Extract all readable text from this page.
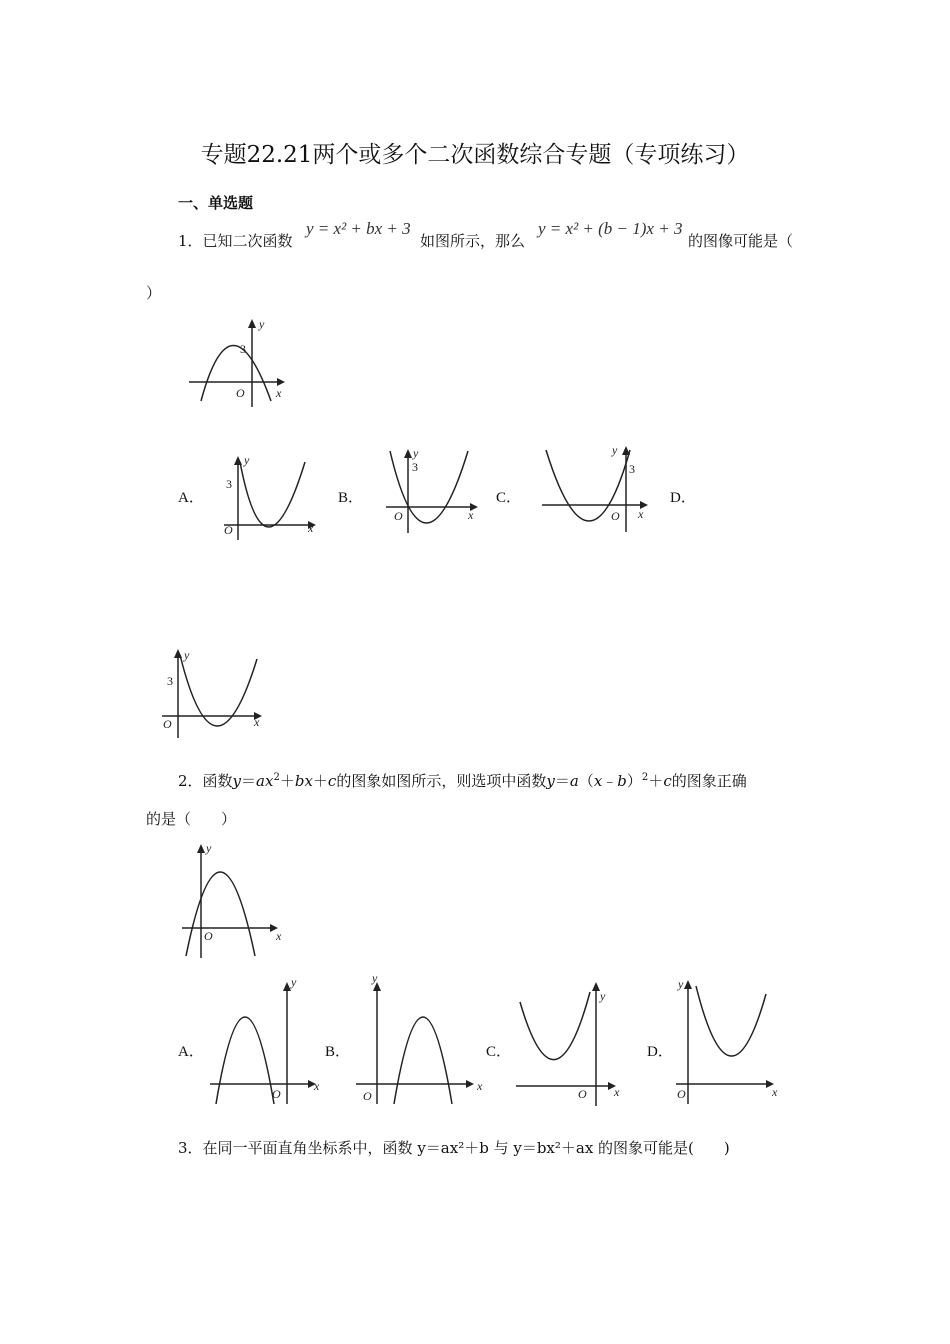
专题22.21两个或多个二次函数综合专题（专项练习）
一、单选题
1．已知二次函数
y = x² + bx + 3
如图所示，那么
y = x² + (b − 1)x + 3
的图像可能是（
）
y
x
O
3
A．	B．	C．	D．
y
x
O
3
y
x
O
3
y
x
O
3
y
x
O
3
2．函数$y=ax^2+bx+c$的图象如图所示，则选项中函数y＝a（x﹣b）$^2$＋c的图象正确
的是（　　）
y
x
O
A．	B．	C．	D．
y
x
O
y
x
O
y
x
O
y
x
O
3．在同一平面直角坐标系中，函数 y＝ax²＋b 与 y＝bx²＋ax 的图象可能是(　　)
